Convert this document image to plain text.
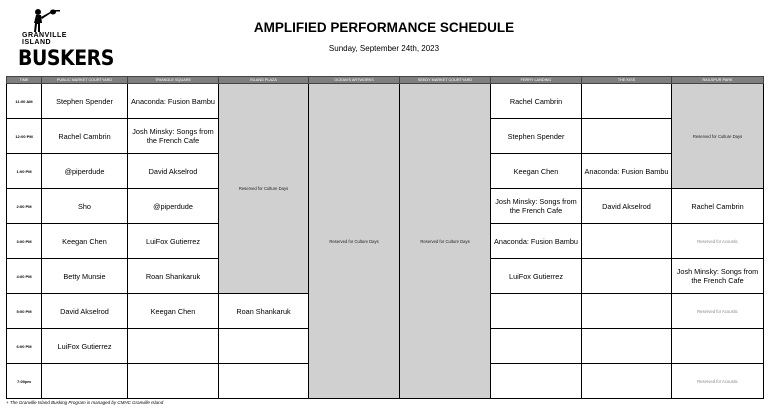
GRANVILLE
ISLAND
BUSKERS
AMPLIFIED PERFORMANCE SCHEDULE
Sunday, September 24th, 2023
TIME	PUBLIC MARKET COURTYARD	TRIANGLE SQUARE	ISLAND PLAZA	OCEAN'S ARTWORKS	SEEDY MARKET COURTYARD	FERRY LANDING	THE KISS	RAILSPUR PARK
11:00 AM	Stephen Spender	Anaconda: Fusion Bambu	Reserved for Culture Days	Reserved for Culture Days	Reserved for Culture Days	Rachel Cambrin		Reserved for Culture Days
12:00 PM	Rachel Cambrin	Josh Minsky: Songs from the French Cafe				Stephen Spender		
1:00 PM	@piperdude	David Akselrod				Keegan Chen	Anaconda: Fusion Bambu	
2:00 PM	Sho	@piperdude				Josh Minsky: Songs from the French Cafe	David Akselrod	Rachel Cambrin
3:00 PM	Keegan Chen	LuiFox Gutierrez				Anaconda: Fusion Bambu		Reserved for Acoustic
4:00 PM	Betty Munsie	Roan Shankaruk				LuiFox Gutierrez		Josh Minsky: Songs from the French Cafe
5:00 PM	David Akselrod	Keegan Chen	Roan Shankaruk					Reserved for Acoustic
6:00 PM	LuiFox Gutierrez							
7:00pm								Reserved for Acoustic
+ The Granville Island Busking Program is managed by CMHC Granville Island
